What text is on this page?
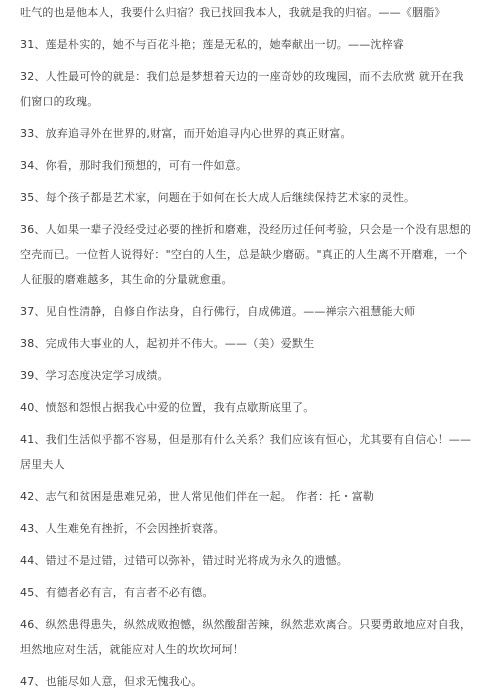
吐气的也是他本人，我要什么归宿？我已找回我本人，我就是我的归宿。——《胭脂》
31、莲是朴实的，她不与百花斗艳；莲是无私的，她奉献出一切。——沈梓睿
32、人性最可怜的就是：我们总是梦想着天边的一座奇妙的玫瑰园，而不去欣赏 就开在我
们窗口的玫瑰。
33、放弃追寻外在世界的,财富，而开始追寻内心世界的真正财富。
34、你看，那时我们预想的，可有一件如意。
35、每个孩子都是艺术家，问题在于如何在长大成人后继续保持艺术家的灵性。
36、人如果一辈子没经受过必要的挫折和磨难，没经历过任何考验，只会是一个没有思想的
空壳而已。一位哲人说得好："空白的人生，总是缺少磨砺。"真正的人生离不开磨难，一个
人征服的磨难越多，其生命的分量就愈重。
37、见自性清静，自修自作法身，自行佛行，自成佛道。——禅宗六祖慧能大师
38、完成伟大事业的人，起初并不伟大。——（美）爱默生
39、学习态度决定学习成绩。
40、愤怒和怨恨占据我心中爱的位置，我有点歇斯底里了。
41、我们生活似乎都不容易，但是那有什么关系？我们应该有恒心，尤其要有自信心！——
居里夫人
42、志气和贫困是患难兄弟，世人常见他们伴在一起。 作者：托・富勒
43、人生难免有挫折，不会因挫折衰落。
44、错过不是过错，过错可以弥补，错过时光将成为永久的遗憾。
45、有德者必有言，有言者不必有德。
46、纵然患得患失，纵然成败抱憾，纵然酸甜苦辣，纵然悲欢离合。只要勇敢地应对自我，
坦然地应对生活，就能应对人生的坎坎坷坷！
47、也能尽如人意，但求无愧我心。
